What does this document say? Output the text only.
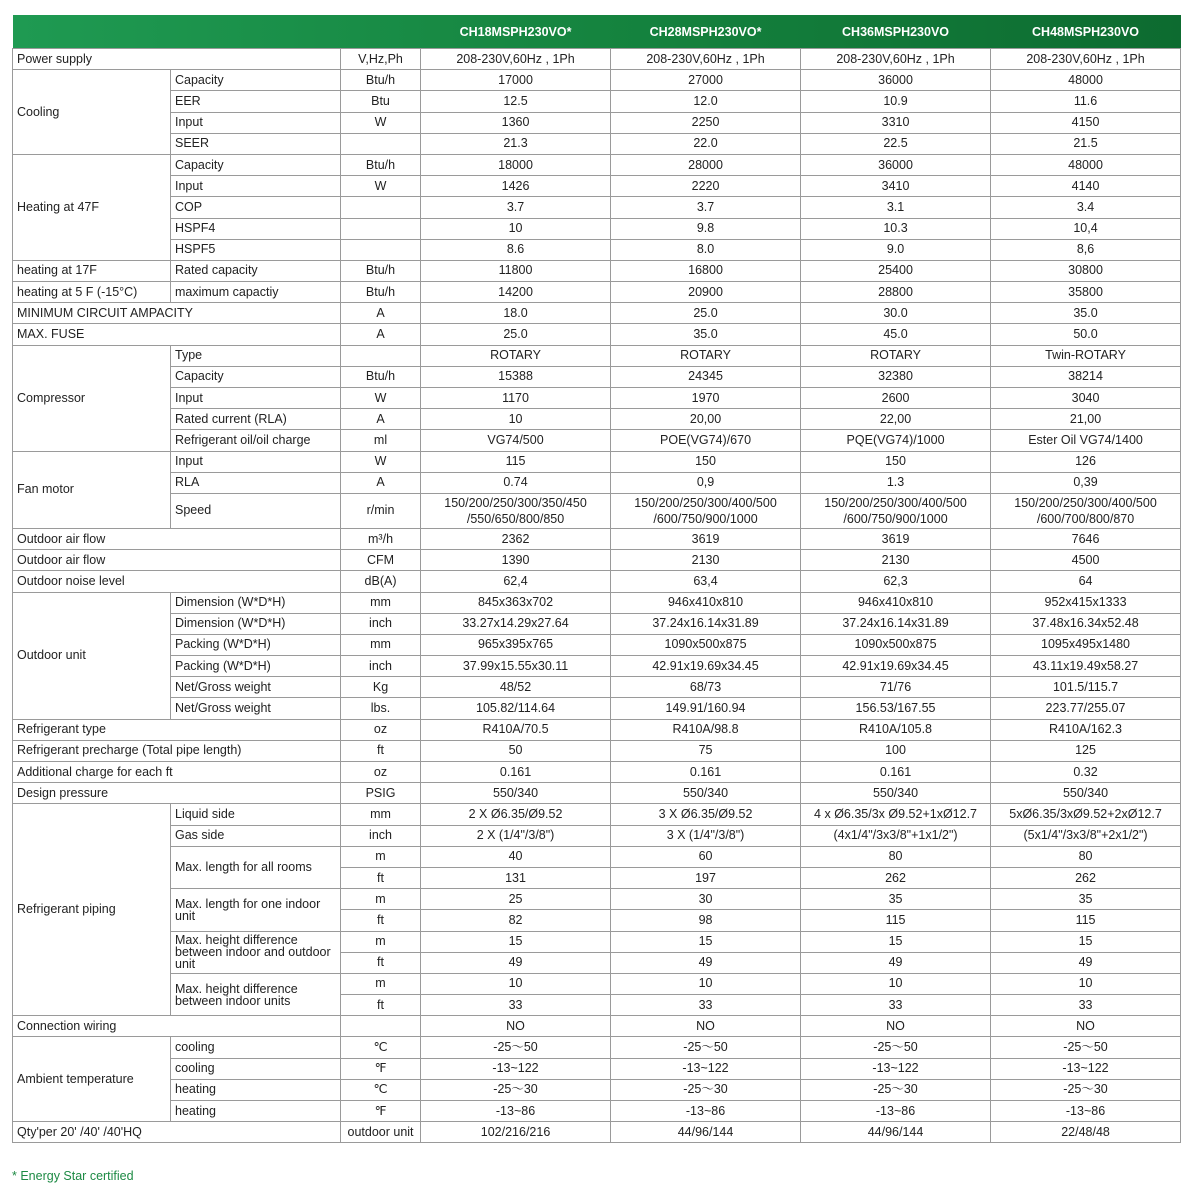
			CH18MSPH230VO*	CH28MSPH230VO*	CH36MSPH230VO	CH48MSPH230VO
Power supply		V,Hz,Ph	208-230V,60Hz , 1Ph	208-230V,60Hz , 1Ph	208-230V,60Hz , 1Ph	208-230V,60Hz , 1Ph
Cooling	Capacity	Btu/h	17000	27000	36000	48000
	EER	Btu	12.5	12.0	10.9	11.6
	Input	W	1360	2250	3310	4150
	SEER		21.3	22.0	22.5	21.5
Heating at 47F	Capacity	Btu/h	18000	28000	36000	48000
	Input	W	1426	2220	3410	4140
	COP		3.7	3.7	3.1	3.4
	HSPF4		10	9.8	10.3	10,4
	HSPF5		8.6	8.0	9.0	8,6
heating at 17F	Rated capacity	Btu/h	11800	16800	25400	30800
heating at 5 F (-15°C)	maximum capactiy	Btu/h	14200	20900	28800	35800
MINIMUM CIRCUIT AMPACITY		A	18.0	25.0	30.0	35.0
MAX. FUSE		A	25.0	35.0	45.0	50.0
Compressor	Type		ROTARY	ROTARY	ROTARY	Twin-ROTARY
	Capacity	Btu/h	15388	24345	32380	38214
	Input	W	1170	1970	2600	3040
	Rated current (RLA)	A	10	20,00	22,00	21,00
	Refrigerant oil/oil charge	ml	VG74/500	POE(VG74)/670	PQE(VG74)/1000	Ester Oil VG74/1400
Fan motor	Input	W	115	150	150	126
	RLA	A	0.74	0,9	1.3	0,39
	Speed	r/min	150/200/250/300/350/450 /550/650/800/850	150/200/250/300/400/500 /600/750/900/1000	150/200/250/300/400/500 /600/750/900/1000	150/200/250/300/400/500 /600/700/800/870
Outdoor air flow		m³/h	2362	3619	3619	7646
Outdoor air flow		CFM	1390	2130	2130	4500
Outdoor noise level		dB(A)	62,4	63,4	62,3	64
Outdoor unit	Dimension (W*D*H)	mm	845x363x702	946x410x810	946x410x810	952x415x1333
	Dimension (W*D*H)	inch	33.27x14.29x27.64	37.24x16.14x31.89	37.24x16.14x31.89	37.48x16.34x52.48
	Packing (W*D*H)	mm	965x395x765	1090x500x875	1090x500x875	1095x495x1480
	Packing (W*D*H)	inch	37.99x15.55x30.11	42.91x19.69x34.45	42.91x19.69x34.45	43.11x19.49x58.27
	Net/Gross weight	Kg	48/52	68/73	71/76	101.5/115.7
	Net/Gross weight	lbs.	105.82/114.64	149.91/160.94	156.53/167.55	223.77/255.07
Refrigerant type		oz	R410A/70.5	R410A/98.8	R410A/105.8	R410A/162.3
Refrigerant precharge (Total pipe length)		ft	50	75	100	125
Additional charge for each ft		oz	0.161	0.161	0.161	0.32
Design pressure		PSIG	550/340	550/340	550/340	550/340
Refrigerant piping	Liquid side	mm	2 X Ø6.35/Ø9.52	3 X Ø6.35/Ø9.52	4 x Ø6.35/3x Ø9.52+1xØ12.7	5xØ6.35/3xØ9.52+2xØ12.7
	Gas side	inch	2 X (1/4"/3/8")	3 X (1/4"/3/8")	(4x1/4"/3x3/8"+1x1/2")	(5x1/4"/3x3/8"+2x1/2")
	Max. length for all rooms	m	40	60	80	80
		ft	131	197	262	262
	Max. length for one indoor unit	m	25	30	35	35
		ft	82	98	115	115
	Max. height difference between indoor and outdoor unit	m	15	15	15	15
		ft	49	49	49	49
	Max. height difference between indoor units	m	10	10	10	10
		ft	33	33	33	33
Connection wiring			NO	NO	NO	NO
Ambient temperature	cooling	℃	-25～50	-25～50	-25～50	-25～50
	cooling	℉	-13~122	-13~122	-13~122	-13~122
	heating	℃	-25～30	-25～30	-25～30	-25～30
	heating	℉	-13~86	-13~86	-13~86	-13~86
Qty'per 20' /40' /40'HQ		outdoor unit	102/216/216	44/96/144	44/96/144	22/48/48
* Energy Star certified
